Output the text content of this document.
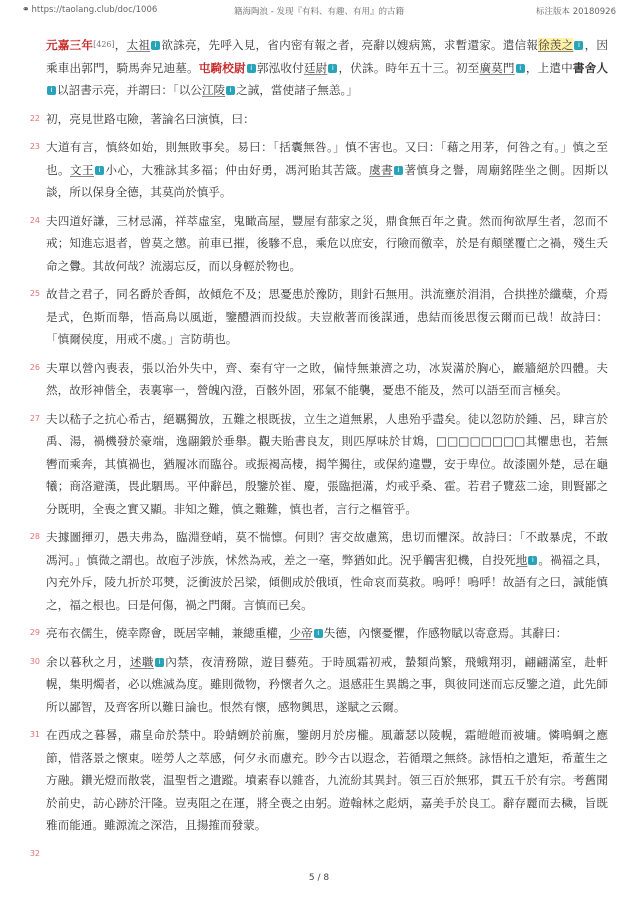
⚭ https://taolang.club/doc/1006	籍海陶浪 - 发现『有料、有趣、有用』的古籍	标注版本 20180926
元嘉三年[426]，太祖 i 欲誅亮，先呼入見，省内密有報之者，亮辭以嫂病篤，求暫還家。遣信報徐羡之 i ，因乘車出郭門，騎馬奔兄迪墓。屯騎校尉 i 郭泓收付廷尉 i ，伏誅。時年五十三。初至廣莫門 i ，上遣中書舍人i 以詔書示亮，并謂曰：「以公江陵 i 之誠，當使諸子無恙。」
22 初，亮見世路屯險，著論名曰演慎，曰：
23 大道有言，慎終如始，則無敗事矣。易曰：「括囊無咎。」慎不害也。又曰：「藉之用茅，何咎之有。」慎之至也。文王 i 小心，大雅詠其多福；仲由好勇，馮河貽其苦箴。虞書 i 著慎身之譽，周廟銘陛坐之側。因斯以談，所以保身全德，其莫尚於慎乎。
24 夫四道好謙，三材忌滿，祥萃虛室，鬼瞰高屋，豐屋有蔀家之災，鼎食無百年之貴。然而徇欲厚生者，忽而不戒；知進忘退者，曾莫之懲。前車已摧，後驂不息，乘危以庶安，行險而徼幸，於是有顛墜覆亡之禍，殘生夭命之釁。其故何哉？流溺忘反，而以身輕於物也。
25 故昔之君子，同名爵於香餌，故傾危不及；思憂患於豫防，則針石無用。洪流壅於涓涓，合拱挫於纖蘖，介焉是式，色斯而舉，悟高鳥以風逝，鑒醴酒而投紱。夫豈敝著而後謀通，患結而後思復云爾而已哉！故詩曰：「慎爾侯度，用戒不虞。」言防萌也。
26 夫單以營內喪表，張以治外失中，齊、秦有守一之敗，偏恃無兼濟之功，冰炭滿於胸心，巖牆絕於四體。夫然，故形神偕全，表裏寧一，營魄內澄，百骸外固，邪氣不能襲，憂患不能及，然可以語至而言極矣。
27 夫以嵇子之抗心希古，絕羈獨放，五難之根既拔，立生之道無累，人患殆乎盡矣。徒以忽防於鍾、呂，肆言於禹、湯，禍機發於豪端，逸翮鍛於垂舉。觀夫貽書良友，則匹厚味於甘鴆，□□□□□□□□其懼患也，若無轡而乘奔，其慎禍也，猶履冰而臨谷。或振褐高棲，揭竿獨往，或保約違豐，安于卑位。故漆園外楚，忌在龜犧；商洛避漢，畏此駟馬。平仲辭邑，殷鑒於崔、慶，張臨挹滿，灼戒乎桑、霍。若君子覽茲二途，則賢鄙之分既明，全喪之實又顯。非知之難，慎之難難，慎也者，言行之樞管乎。
28 夫據圖揮刃，愚夫弗為，臨淵登峭，莫不惴懔。何則？害交故慮篤，患切而懼深。故詩曰：「不敢暴虎，不敢馮河。」慎微之謂也。故庖子涉族，怵然為戒，差之一毫，弊猶如此。況乎觸害犯機，自投死地 i 。禍福之具，內充外斥，陵九折於邛僰，泛衝波於呂梁，傾側成於俄頃，性命哀而莫救。嗚呼！嗚呼！故語有之曰，誠能慎之，福之根也。曰是何傷，禍之門爾。言慎而已矣。
29 亮布衣儒生，僥幸際會，既居宰輔，兼總重權，少帝 i 失德，內懷憂懼，作感物賦以寄意焉。其辭曰：
30 余以暮秋之月，述職 i 內禁，夜清務隙，遊目藝苑。于時風霜初戒，蟄類尚繁，飛蛾翔羽，翩翩滿室，赴軒幌，集明燭者，必以燋滅為度。雖則微物，矜懷者久之。退感莊生異鵲之事，與彼同迷而忘反鑒之道，此先師所以鄙智，及齊客所以難日論也。恨然有懷，感物興思，遂賦之云爾。
31 在西成之暮晷，肅皇命於禁中。聆蜻蛚於前廡，鑒朗月於房櫳。風蕭瑟以陵幌，霜皚皚而被墉。憐鳴蜩之應節，惜落景之懷東。嗟勞人之萃感，何夕永而慮充。眇今古以遐念，若循環之無終。詠悟柏之遺矩，希董生之方融。鑽光燈而散裳，温聖哲之遺蹤。墳素春以雜沓，九流紛其異封。領三百於無邪，貫五千於有宗。考舊聞於前史，訪心跡於汗隆。豈夷阻之在運，將全喪之由躬。遊翰林之彪炳，嘉美手於良工。辭存麗而去穢，旨既雅而能通。雖源流之深浩，且揚搉而發蒙。
32
5 / 8
